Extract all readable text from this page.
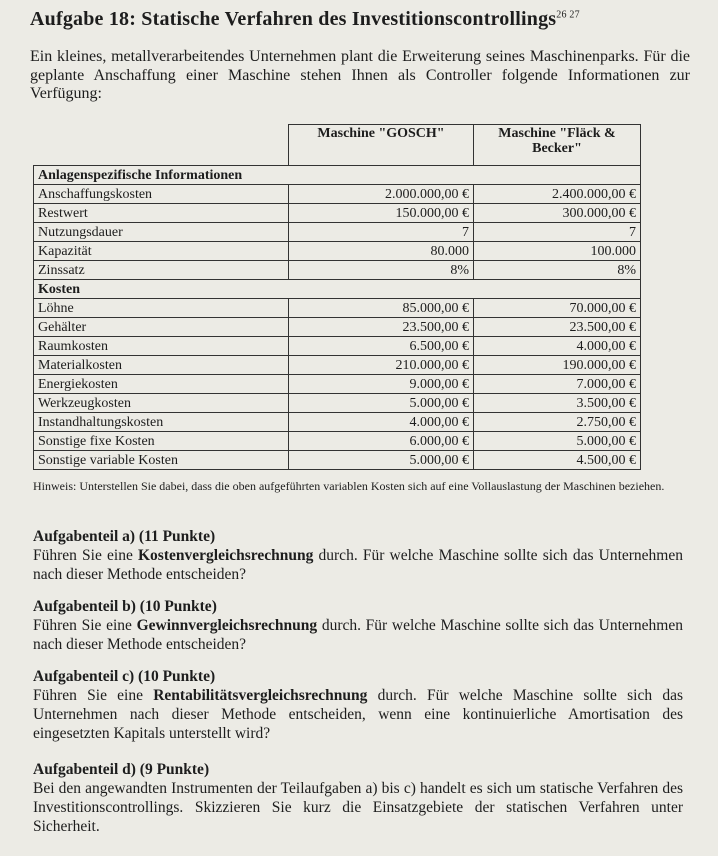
Aufgabe 18: Statische Verfahren des Investitionscontrollings$^{26 27}$

Ein kleines, metallverarbeitendes Unternehmen plant die Erweiterung seines Maschinenparks. Für die geplante Anschaffung einer Maschine stehen Ihnen als Controller folgende Informationen zur Verfügung:

	Maschine "GOSCH"	Maschine "Fläck & Becker"
Anlagenspezifische Informationen		
Anschaffungskosten	2.000.000,00 €	2.400.000,00 €
Restwert	150.000,00 €	300.000,00 €
Nutzungsdauer	7	7
Kapazität	80.000	100.000
Zinssatz	8%	8%
Kosten		
Löhne	85.000,00 €	70.000,00 €
Gehälter	23.500,00 €	23.500,00 €
Raumkosten	6.500,00 €	4.000,00 €
Materialkosten	210.000,00 €	190.000,00 €
Energiekosten	9.000,00 €	7.000,00 €
Werkzeugkosten	5.000,00 €	3.500,00 €
Instandhaltungskosten	4.000,00 €	2.750,00 €
Sonstige fixe Kosten	6.000,00 €	5.000,00 €
Sonstige variable Kosten	5.000,00 €	4.500,00 €

Hinweis: Unterstellen Sie dabei, dass die oben aufgeführten variablen Kosten sich auf eine Vollauslastung der Maschinen beziehen.

Aufgabenteil a) (11 Punkte)

Führen Sie eine Kostenvergleichsrechnung durch. Für welche Maschine sollte sich das Unternehmen nach dieser Methode entscheiden?

Aufgabenteil b) (10 Punkte)

Führen Sie eine Gewinnvergleichsrechnung durch. Für welche Maschine sollte sich das Unternehmen nach dieser Methode entscheiden?

Aufgabenteil c) (10 Punkte)

Führen Sie eine Rentabilitätsvergleichsrechnung durch. Für welche Maschine sollte sich das Unternehmen nach dieser Methode entscheiden, wenn eine kontinuierliche Amortisation des eingesetzten Kapitals unterstellt wird?

Aufgabenteil d) (9 Punkte)

Bei den angewandten Instrumenten der Teilaufgaben a) bis c) handelt es sich um statische Verfahren des Investitionscontrollings. Skizzieren Sie kurz die Einsatzgebiete der statischen Verfahren unter Sicherheit.
